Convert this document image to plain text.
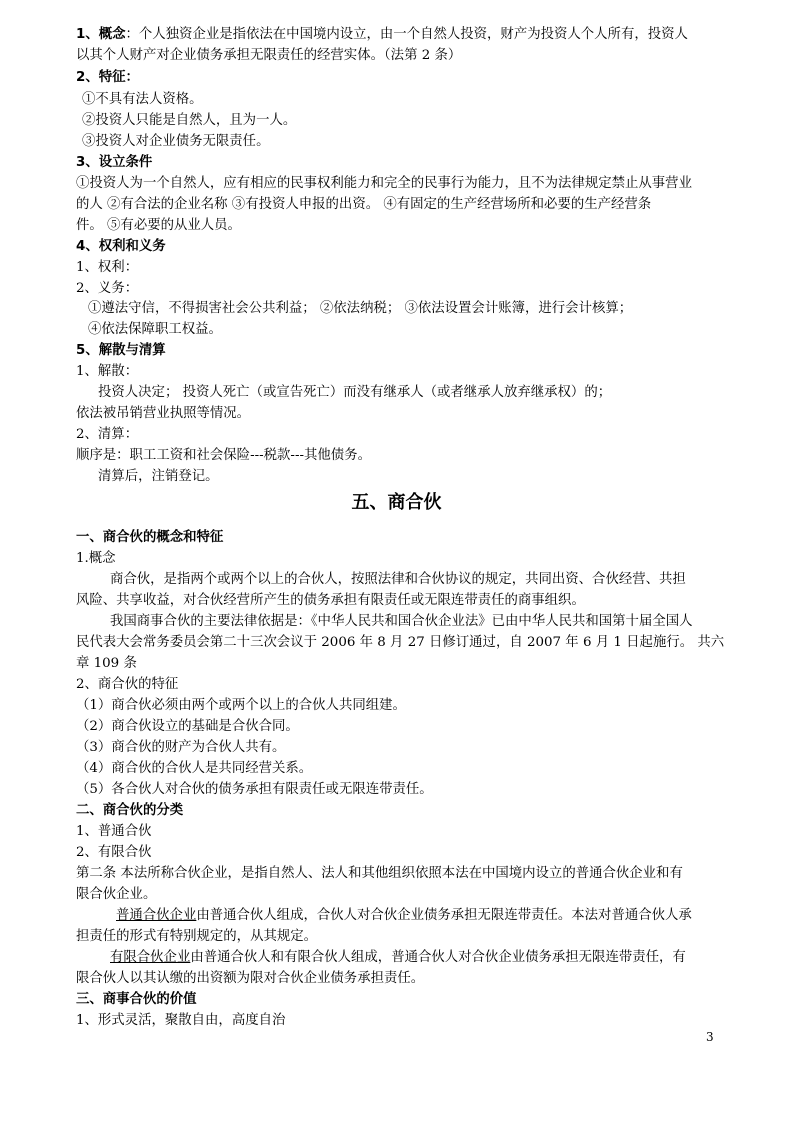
1、概念：个人独资企业是指依法在中国境内设立，由一个自然人投资，财产为投资人个人所有，投资人
以其个人财产对企业债务承担无限责任的经营实体。（法第 2 条）
2、特征：
①不具有法人资格。
②投资人只能是自然人，且为一人。
③投资人对企业债务无限责任。
3、设立条件
①投资人为一个自然人，应有相应的民事权利能力和完全的民事行为能力，且不为法律规定禁止从事营业
的人 ②有合法的企业名称 ③有投资人申报的出资。 ④有固定的生产经营场所和必要的生产经营条
件。 ⑤有必要的从业人员。
4、权利和义务
1、权利：
2、义务：
①遵法守信，不得损害社会公共利益； ②依法纳税； ③依法设置会计账簿，进行会计核算；
④依法保障职工权益。
5、解散与清算
1、解散：
投资人决定； 投资人死亡（或宣告死亡）而没有继承人（或者继承人放弃继承权）的；
依法被吊销营业执照等情况。
2、清算：
顺序是：职工工资和社会保险---税款---其他债务。
清算后，注销登记。
五、商合伙
一、商合伙的概念和特征
1.概念
商合伙，是指两个或两个以上的合伙人，按照法律和合伙协议的规定，共同出资、合伙经营、共担
风险、共享收益，对合伙经营所产生的债务承担有限责任或无限连带责任的商事组织。
我国商事合伙的主要法律依据是：《中华人民共和国合伙企业法》已由中华人民共和国第十届全国人
民代表大会常务委员会第二十三次会议于 2006 年 8 月 27 日修订通过，自 2007 年 6 月 1 日起施行。 共六
章 109 条
2、商合伙的特征
（1）商合伙必须由两个或两个以上的合伙人共同组建。
（2）商合伙设立的基础是合伙合同。
（3）商合伙的财产为合伙人共有。
（4）商合伙的合伙人是共同经营关系。
（5）各合伙人对合伙的债务承担有限责任或无限连带责任。
二、商合伙的分类
1、普通合伙
2、有限合伙
第二条 本法所称合伙企业，是指自然人、法人和其他组织依照本法在中国境内设立的普通合伙企业和有
限合伙企业。
普通合伙企业由普通合伙人组成，合伙人对合伙企业债务承担无限连带责任。本法对普通合伙人承
担责任的形式有特别规定的，从其规定。
有限合伙企业由普通合伙人和有限合伙人组成，普通合伙人对合伙企业债务承担无限连带责任，有
限合伙人以其认缴的出资额为限对合伙企业债务承担责任。
三、商事合伙的价值
1、形式灵活，聚散自由，高度自治
3
